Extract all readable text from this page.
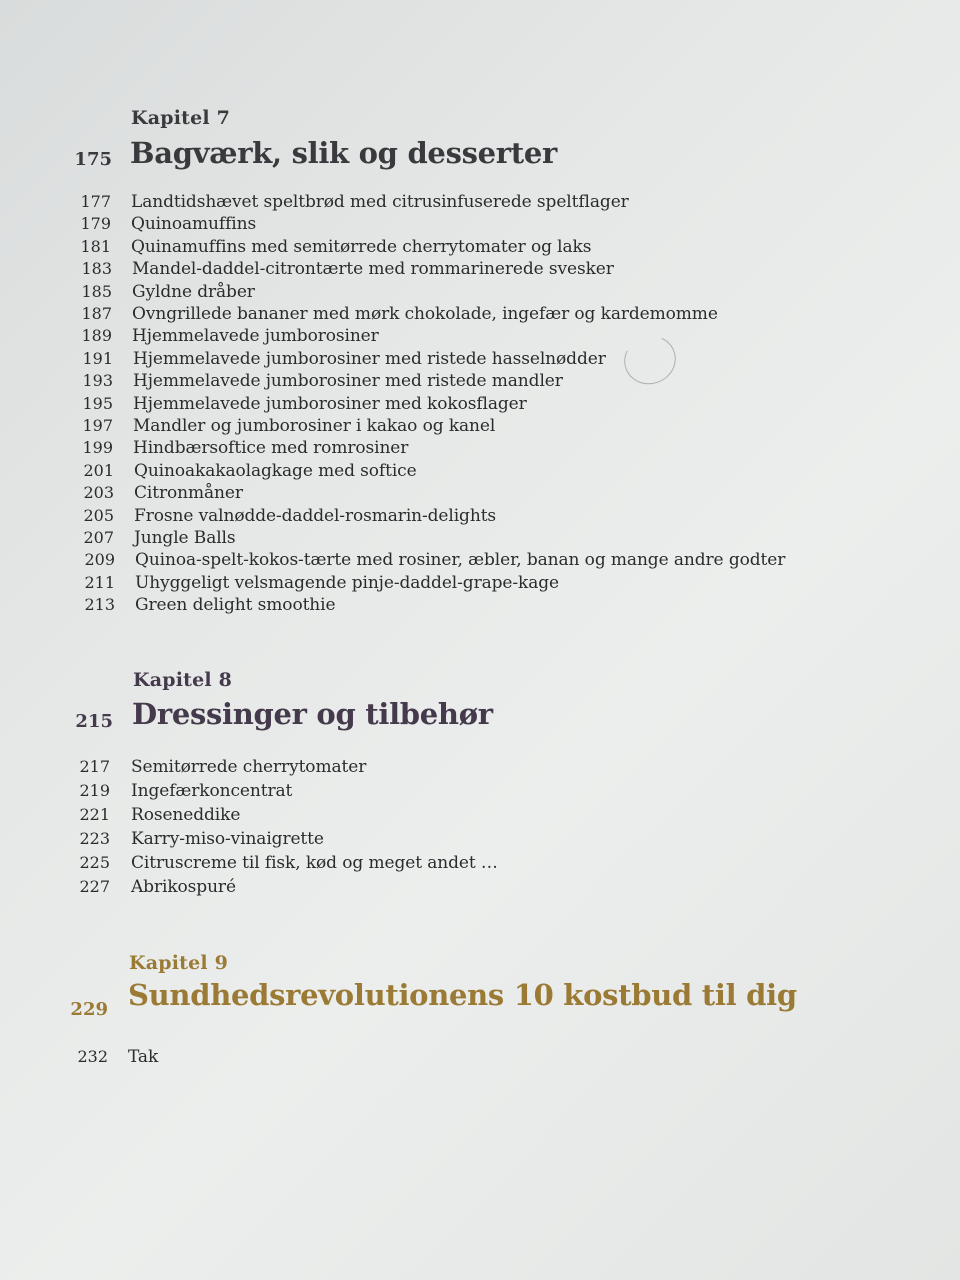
Kapitel 7
175 Bagværk, slik og desserter
177 Landtidshævet speltbrød med citrusinfuserede speltflager
179 Quinoamuffins
181 Quinamuffins med semitørrede cherrytomater og laks
183 Mandel-daddel-citrontærte med rommarinerede svesker
185 Gyldne dråber
187 Ovngrillede bananer med mørk chokolade, ingefær og kardemomme
189 Hjemmelavede jumborosiner
191 Hjemmelavede jumborosiner med ristede hasselnødder
193 Hjemmelavede jumborosiner med ristede mandler
195 Hjemmelavede jumborosiner med kokosflager
197 Mandler og jumborosiner i kakao og kanel
199 Hindbærsoftice med romrosiner
201 Quinoakakaolagkage med softice
203 Citronmåner
205 Frosne valnødde-daddel-rosmarin-delights
207 Jungle Balls
209 Quinoa-spelt-kokos-tærte med rosiner, æbler, banan og mange andre godter
211 Uhyggeligt velsmagende pinje-daddel-grape-kage
213 Green delight smoothie
Kapitel 8
215 Dressinger og tilbehør
217 Semitørrede cherrytomater
219 Ingefærkoncentrat
221 Roseneddike
223 Karry-miso-vinaigrette
225 Citruscreme til fisk, kød og meget andet …
227 Abrikospuré
Kapitel 9
229 Sundhedsrevolutionens 10 kostbud til dig
232 Tak
